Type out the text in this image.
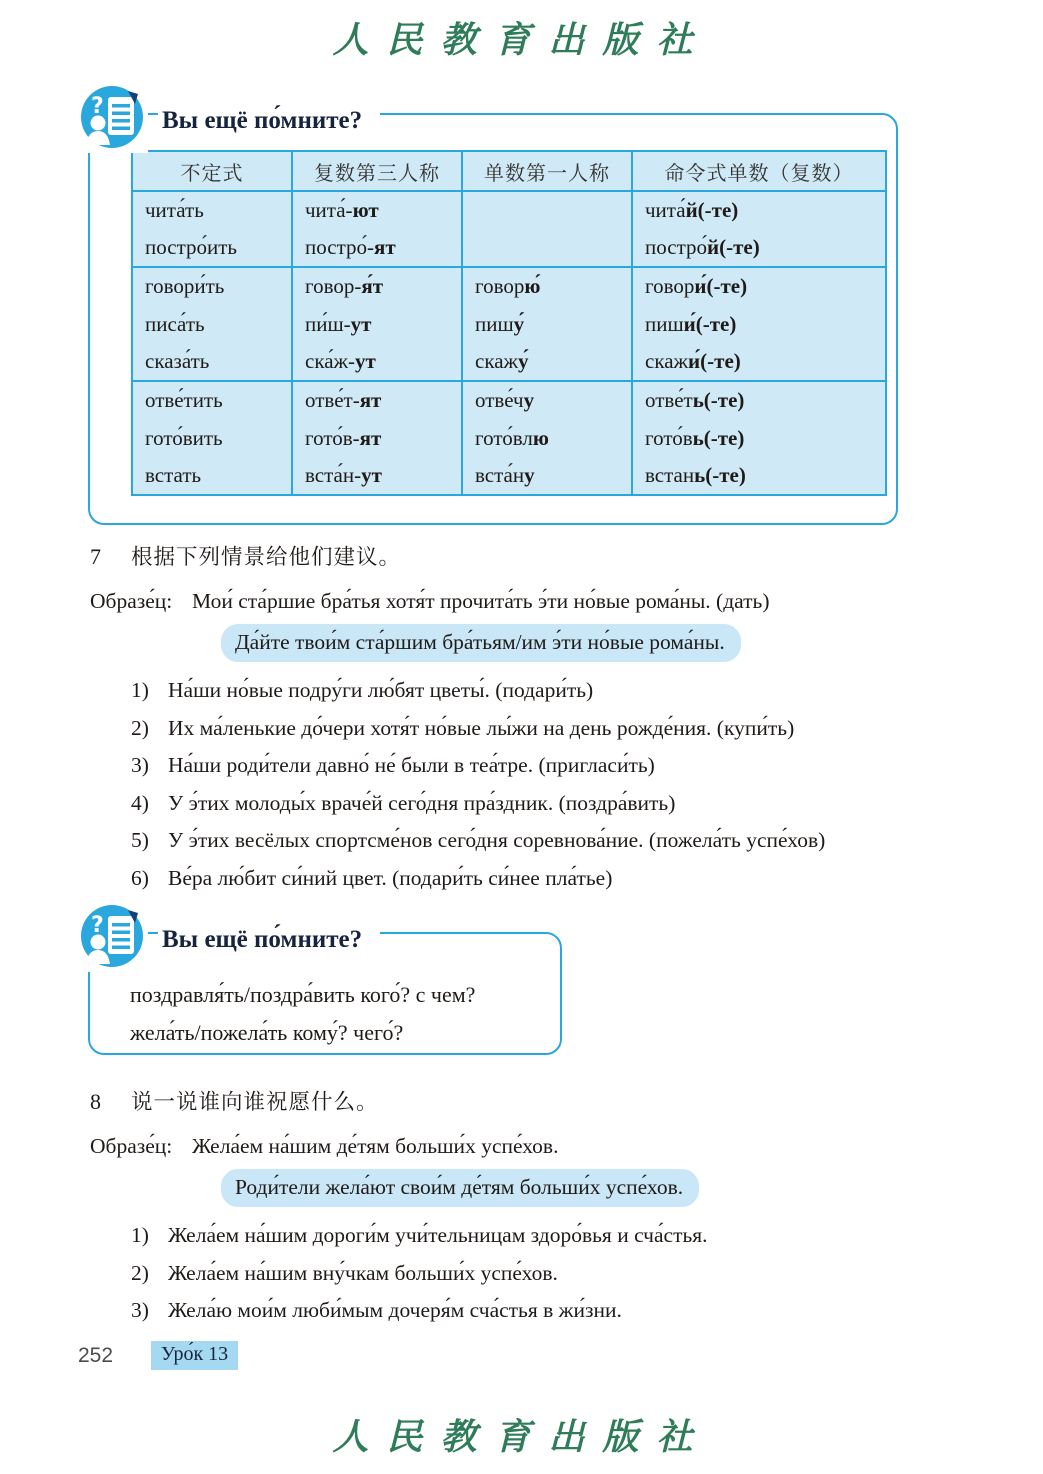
人民教育出版社
?
Вы ещё по́мните?
不定式	复数第三人称	单数第一人称	命令式单数（复数）
чита́ть	чита́-ют		чита́й(-те)
постро́ить	постро́-ят		постро́й(-те)
говори́ть	говор-я́т	говорю́	говори́(-те)
писа́ть	пи́ш-ут	пишу́	пиши́(-те)
сказа́ть	ска́ж-ут	скажу́	скажи́(-те)
отве́тить	отве́т-ят	отве́чу	отве́ть(-те)
гото́вить	гото́в-ят	гото́влю	гото́вь(-те)
встать	вста́н-ут	вста́ну	встань(-те)
7	根据下列情景给他们建议。
Образе́ц: Мои́ ста́ршие бра́тья хотя́т прочита́ть э́ти но́вые рома́ны. (дать)
Да́йте твои́м ста́ршим бра́тьям/им э́ти но́вые рома́ны.
1) На́ши но́вые подру́ги лю́бят цветы́. (подари́ть)
2) Их ма́ленькие до́чери хотя́т но́вые лы́жи на день рожде́ния. (купи́ть)
3) На́ши роди́тели давно́ не́ были в теа́тре. (пригласи́ть)
4) У э́тих молоды́х враче́й сего́дня пра́здник. (поздра́вить)
5) У э́тих весёлых спортсме́нов сего́дня соревнова́ние. (пожела́ть успе́хов)
6) Ве́ра лю́бит си́ний цвет. (подари́ть си́нее пла́тье)
?
Вы ещё по́мните?
поздравля́ть/поздра́вить кого́? с чем?
жела́ть/пожела́ть кому́? чего́?
8	说一说谁向谁祝愿什么。
Образе́ц: Жела́ем на́шим де́тям больши́х успе́хов.
Роди́тели жела́ют свои́м де́тям больши́х успе́хов.
1) Жела́ем на́шим дороги́м учи́тельницам здоро́вья и сча́стья.
2) Жела́ем на́шим вну́чкам больши́х успе́хов.
3) Жела́ю мои́м люби́мым дочеря́м сча́стья в жи́зни.
252	Уро́к 13
人民教育出版社
